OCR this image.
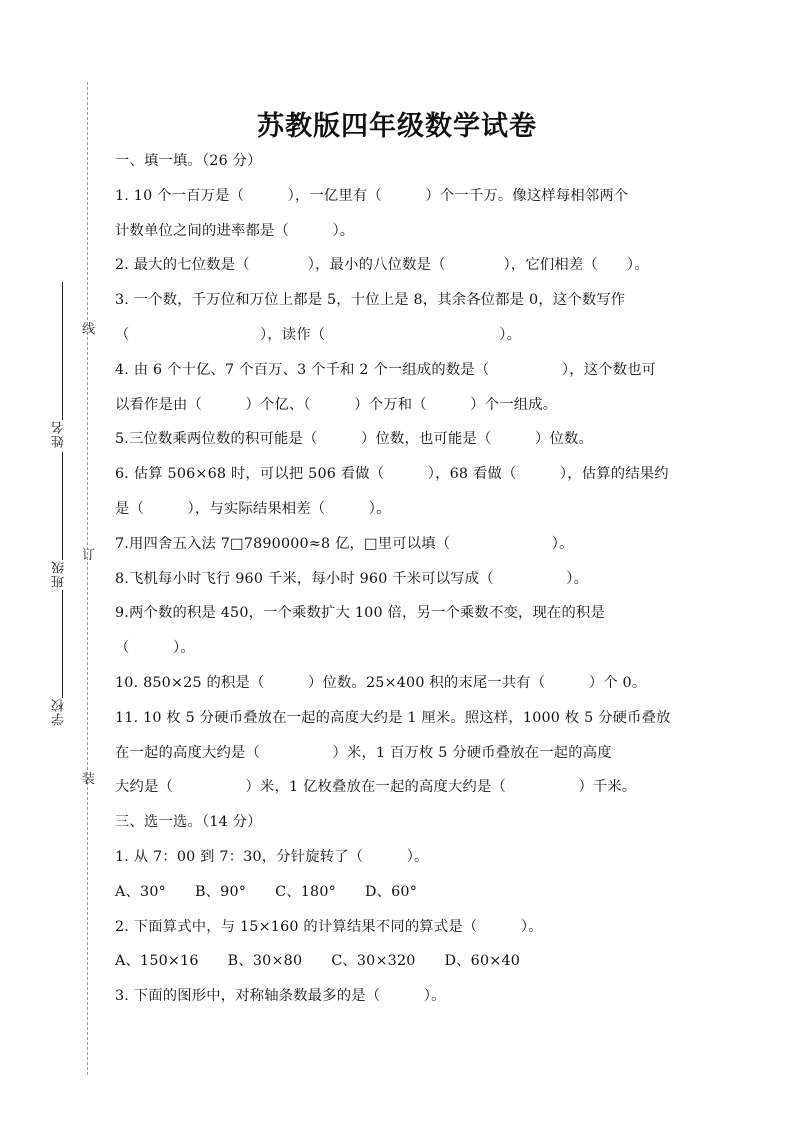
线
订
装
姓名
班级
学校
苏教版四年级数学试卷
一、填一填。（26 分）
1. 10 个一百万是（　　　），一亿里有（　　　）个一千万。像这样每相邻两个
计数单位之间的进率都是（　　　）。
2. 最大的七位数是（　　　　），最小的八位数是（　　　　），它们相差（　　）。
3. 一个数，千万位和万位上都是 5，十位上是 8，其余各位都是 0，这个数写作
（　　　　　　　　　），读作（　　　　　　　　　　　　）。
4. 由 6 个十亿、7 个百万、3 个千和 2 个一组成的数是（　　　　　），这个数也可
以看作是由（　　　）个亿、（　　　）个万和（　　　）个一组成。
5.三位数乘两位数的积可能是（　　　）位数，也可能是（　　　）位数。
6. 估算 506×68 时，可以把 506 看做（　　　），68 看做（　　　），估算的结果约
是（　　　），与实际结果相差（　　　）。
7.用四舍五入法 7□7890000≈8 亿，□里可以填（　　　　　　　）。
8.飞机每小时飞行 960 千米，每小时 960 千米可以写成（　　　　　）。
9.两个数的积是 450，一个乘数扩大 100 倍，另一个乘数不变，现在的积是
（　　　）。
10. 850×25 的积是（　　　）位数。25×400 积的末尾一共有（　　　）个 0。
11. 10 枚 5 分硬币叠放在一起的高度大约是 1 厘米。照这样，1000 枚 5 分硬币叠放
在一起的高度大约是（　　　　　）米，1 百万枚 5 分硬币叠放在一起的高度
大约是（　　　　　）米，1 亿枚叠放在一起的高度大约是（　　　　　）千米。
三、选一选。（14 分）
1. 从 7：00 到 7：30，分针旋转了（　　　）。
A、30°　　B、90°　　C、180°　　D、60°
2. 下面算式中，与 15×160 的计算结果不同的算式是（　　　）。
A、150×16　　B、30×80　　C、30×320　　D、60×40
3. 下面的图形中，对称轴条数最多的是（　　　）。
